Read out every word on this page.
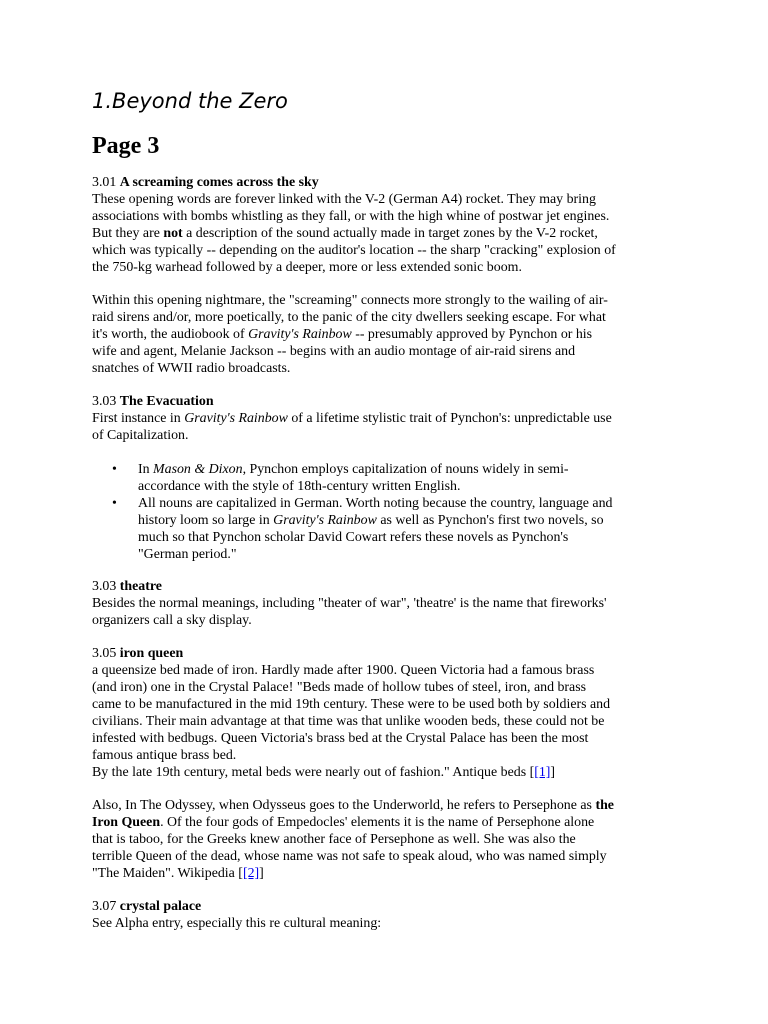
1.Beyond the Zero
Page 3
3.01 A screaming comes across the sky
These opening words are forever linked with the V-2 (German A4) rocket. They may bring
associations with bombs whistling as they fall, or with the high whine of postwar jet engines.
But they are not a description of the sound actually made in target zones by the V-2 rocket,
which was typically -- depending on the auditor's location -- the sharp "cracking" explosion of
the 750-kg warhead followed by a deeper, more or less extended sonic boom.
Within this opening nightmare, the "screaming" connects more strongly to the wailing of air-
raid sirens and/or, more poetically, to the panic of the city dwellers seeking escape. For what
it's worth, the audiobook of Gravity's Rainbow -- presumably approved by Pynchon or his
wife and agent, Melanie Jackson -- begins with an audio montage of air-raid sirens and
snatches of WWII radio broadcasts.
3.03 The Evacuation
First instance in Gravity's Rainbow of a lifetime stylistic trait of Pynchon's: unpredictable use
of Capitalization.
• In Mason & Dixon, Pynchon employs capitalization of nouns widely in semi-
accordance with the style of 18th-century written English.
• All nouns are capitalized in German. Worth noting because the country, language and
history loom so large in Gravity's Rainbow as well as Pynchon's first two novels, so
much so that Pynchon scholar David Cowart refers these novels as Pynchon's
"German period."
3.03 theatre
Besides the normal meanings, including "theater of war", 'theatre' is the name that fireworks'
organizers call a sky display.
3.05 iron queen
a queensize bed made of iron. Hardly made after 1900. Queen Victoria had a famous brass
(and iron) one in the Crystal Palace! "Beds made of hollow tubes of steel, iron, and brass
came to be manufactured in the mid 19th century. These were to be used both by soldiers and
civilians. Their main advantage at that time was that unlike wooden beds, these could not be
infested with bedbugs. Queen Victoria's brass bed at the Crystal Palace has been the most
famous antique brass bed.
By the late 19th century, metal beds were nearly out of fashion." Antique beds [[1]]
Also, In The Odyssey, when Odysseus goes to the Underworld, he refers to Persephone as the
Iron Queen. Of the four gods of Empedocles' elements it is the name of Persephone alone
that is taboo, for the Greeks knew another face of Persephone as well. She was also the
terrible Queen of the dead, whose name was not safe to speak aloud, who was named simply
"The Maiden". Wikipedia [[2]]
3.07 crystal palace
See Alpha entry, especially this re cultural meaning:
